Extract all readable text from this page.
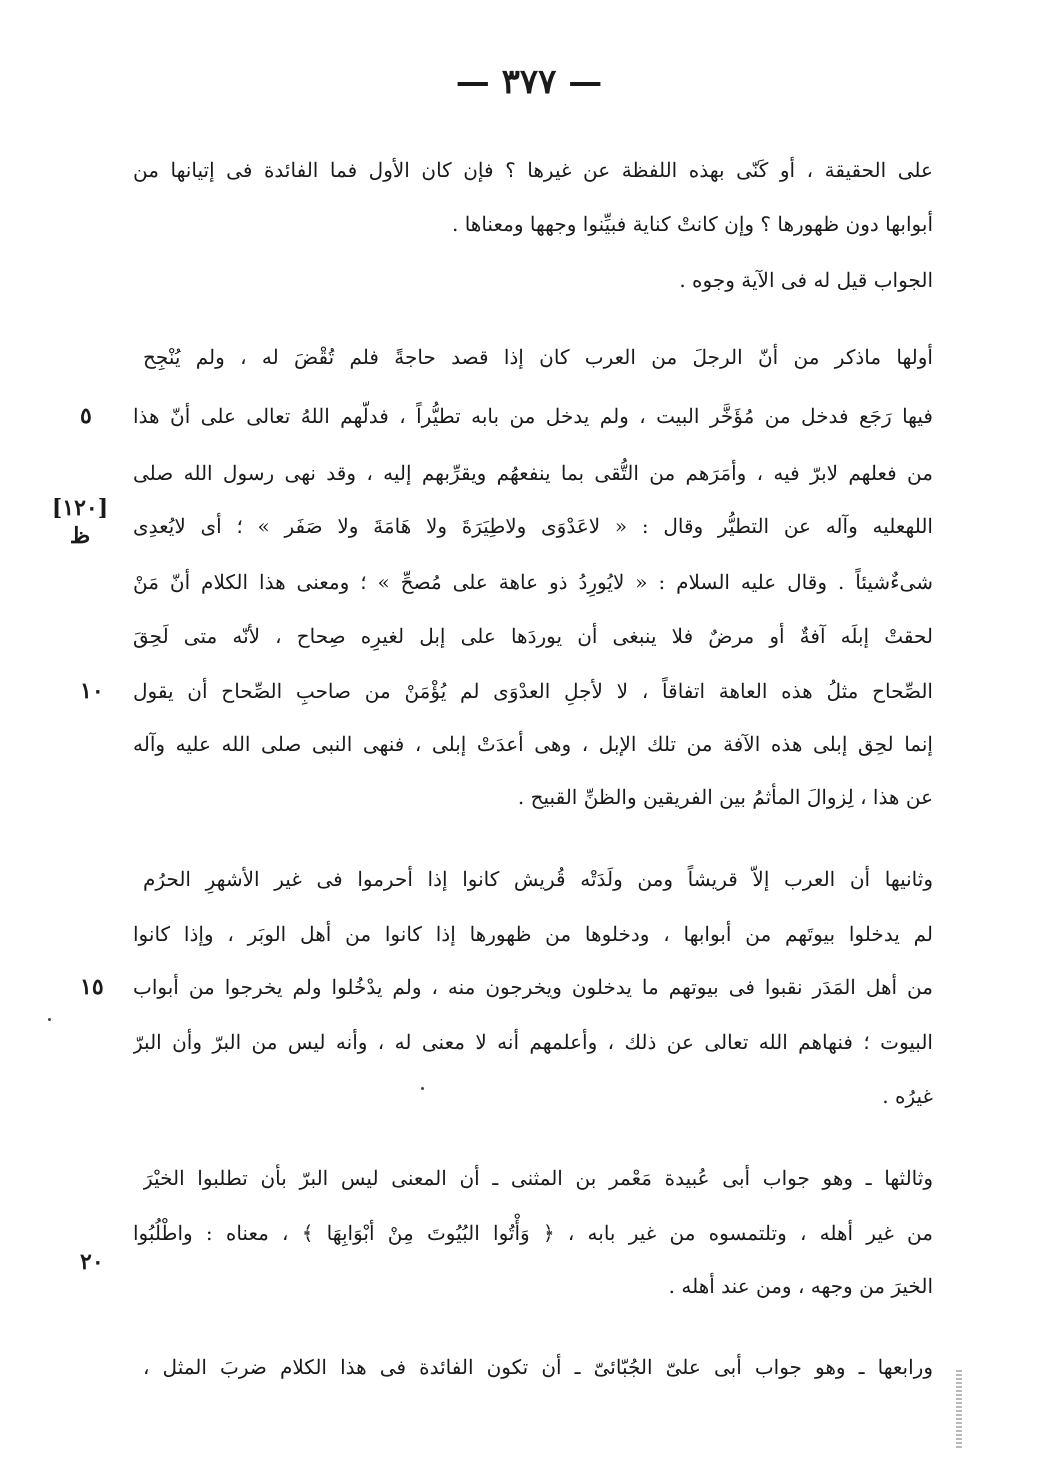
— ٣٧٧ —
على الحقيقة ، أو كَنّى بهذه اللفظة عن غيرها ؟ فإن كان الأول فما الفائدة فى إتيانها من
أبوابها دون ظهورها ؟ وإن كانتْ كناية فبيِّنوا وجهها ومعناها .
الجواب قيل له فى الآية وجوه .
أولها ماذكر من أنّ الرجلَ من العرب كان إذا قصد حاجةً فلم تُقْضَ له ، ولم يُنْجِح
فيها رَجَع فدخل من مُؤَخَّر البيت ، ولم يدخل من بابه تطيُّراً ، فدلّهم اللهُ تعالى على أنّ هذا
٥
من فعلهم لابرّ فيه ، وأمَرَهم من التُّقى بما ينفعهُم ويقرِّبهم إليه ، وقد نهى رسول الله صلى
اللهعليه وآله عن التطيُّر وقال : « لاعَدْوَى ولاطِيَرَةَ ولا هَامَةَ ولا صَفَر » ؛ أى لايُعدِى
[١٢٠]
ظ
شىءٌشيئاً . وقال عليه السلام : « لايُورِدُ ذو عاهة على مُصحِّ » ؛ ومعنى هذا الكلام أنّ مَنْ
لحقتْ إبلَه آفةٌ أو مرضٌ فلا ينبغى أن يوردَها على إبل لغيرِه صِحاح ، لأنّه متى لَحِقَ
الصِّحاح مثلُ هذه العاهة اتفاقاً ، لا لأجلِ العدْوَى لم يُؤْمَنْ من صاحبِ الصِّحاح أن يقول
١٠
إنما لحِق إبلى هذه الآفة من تلك الإبل ، وهى أعدَتْ إبلى ، فنهى النبى صلى الله عليه وآله
عن هذا ، لِزوالَ المأثمُ بين الفريقين والظنِّ القبيح .
وثانيها أن العرب إلاّ قريشاً ومن ولَدَتْه قُريش كانوا إذا أحرموا فى غير الأشهرِ الحرُم
لم يدخلوا بيوتَهم من أبوابها ، ودخلوها من ظهورها إذا كانوا من أهل الوبَر ، وإذا كانوا
من أهل المَدَر نقبوا فى بيوتهم ما يدخلون ويخرجون منه ، ولم يدْخُلوا ولم يخرجوا من أبواب
١٥
البيوت ؛ فنهاهم الله تعالى عن ذلك ، وأعلمهم أنه لا معنى له ، وأنه ليس من البرّ وأن البرّ
غيرُه .
وثالثها ـ وهو جواب أبى عُبيدة مَعْمر بن المثنى ـ أن المعنى ليس البرّ بأن تطلبوا الخيْرَ
من غير أهله ، وتلتمسوه من غير بابه ، ﴿ وَأْتُوا البُيُوتَ مِنْ أبْوَابِهَا ﴾ ، معناه : واطْلُبُوا
الخيرَ من وجهه ، ومن عند أهله .
٢٠
ورابعها ـ وهو جواب أبى علىّ الجُبّائىّ ـ أن تكون الفائدة فى هذا الكلام ضربَ المثل ،
